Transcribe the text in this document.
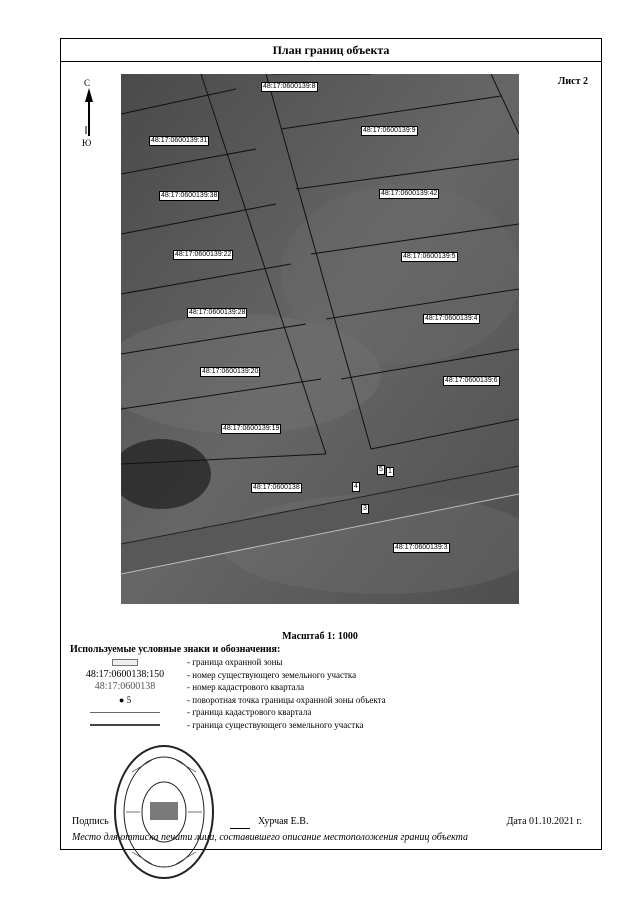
План границ объекта
Лист 2
С
Ю
48:17:0600139:8
48:17:0600139:9
48:17:0600139:31
48:17:0600139:38	48:17:0600139:42
48:17:0600139:22	48:17:0600139:5
48:17:0600139:28
48:17:0600139:4
48:17:0600139:20
48:17:0600139:6
48:17:0600139:19
48:17:0600138
48:17:0600139:3
5 1
4
3
Масштаб 1: 1000
Используемые условные знаки и обозначения:
- граница охранной зоны
48:17:0600138:150	- номер существующего земельного участка
48:17:0600138	- номер кадастрового квартала
● 5	- поворотная точка границы охранной зоны объекта
- граница кадастрового квартала
- граница существующего земельного участка
Подпись	Хурчая Е.В.	Дата 01.10.2021 г.
Место для оттиска печати лица, составившего описание местоположения границ объекта
